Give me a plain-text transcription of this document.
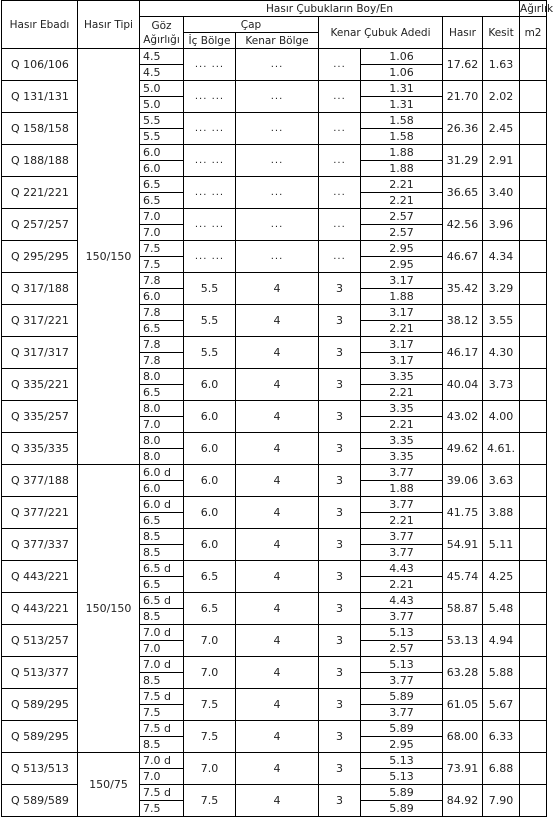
Hasır Ebadı	Hasır Tipi	Hasır Çubukların Boy/En							Ağırlık
		Göz Ağırlığı	Çap		Kenar Çubuk Adedi		Hasır	Kesit	m2
			İç Bölge	Kenar Bölge					
Q 106/106	150/150	4.5	... ...	...	...	1.06	17.62	1.63	
		4.5				1.06			
Q 131/131		5.0	... ...	...	...	1.31	21.70	2.02	
		5.0				1.31			
Q 158/158		5.5	... ...	...	...	1.58	26.36	2.45	
		5.5				1.58			
Q 188/188		6.0	... ...	...	...	1.88	31.29	2.91	
		6.0				1.88			
Q 221/221		6.5	... ...	...	...	2.21	36.65	3.40	
		6.5				2.21			
Q 257/257		7.0	... ...	...	...	2.57	42.56	3.96	
		7.0				2.57			
Q 295/295		7.5	... ...	...	...	2.95	46.67	4.34	
		7.5				2.95			
Q 317/188		7.8	5.5	4	3	3.17	35.42	3.29	
		6.0				1.88			
Q 317/221		7.8	5.5	4	3	3.17	38.12	3.55	
		6.5				2.21			
Q 317/317		7.8	5.5	4	3	3.17	46.17	4.30	
		7.8				3.17			
Q 335/221		8.0	6.0	4	3	3.35	40.04	3.73	
		6.5				2.21			
Q 335/257		8.0	6.0	4	3	3.35	43.02	4.00	
		7.0				2.21			
Q 335/335		8.0	6.0	4	3	3.35	49.62	4.61.	
		8.0				3.35			
Q 377/188	150/150	6.0 d	6.0	4	3	3.77	39.06	3.63	
		6.0				1.88			
Q 377/221		6.0 d	6.0	4	3	3.77	41.75	3.88	
		6.5				2.21			
Q 377/337		8.5	6.0	4	3	3.77	54.91	5.11	
		8.5				3.77			
Q 443/221		6.5 d	6.5	4	3	4.43	45.74	4.25	
		6.5				2.21			
Q 443/221		6.5 d	6.5	4	3	4.43	58.87	5.48	
		8.5				3.77			
Q 513/257		7.0 d	7.0	4	3	5.13	53.13	4.94	
		7.0				2.57			
Q 513/377		7.0 d	7.0	4	3	5.13	63.28	5.88	
		8.5				3.77			
Q 589/295		7.5 d	7.5	4	3	5.89	61.05	5.67	
		7.5				3.77			
Q 589/295		7.5 d	7.5	4	3	5.89	68.00	6.33	
		8.5				2.95			
Q 513/513	150/75	7.0 d	7.0	4	3	5.13	73.91	6.88	
		7.0				5.13			
Q 589/589		7.5 d	7.5	4	3	5.89	84.92	7.90	
		7.5				5.89			
